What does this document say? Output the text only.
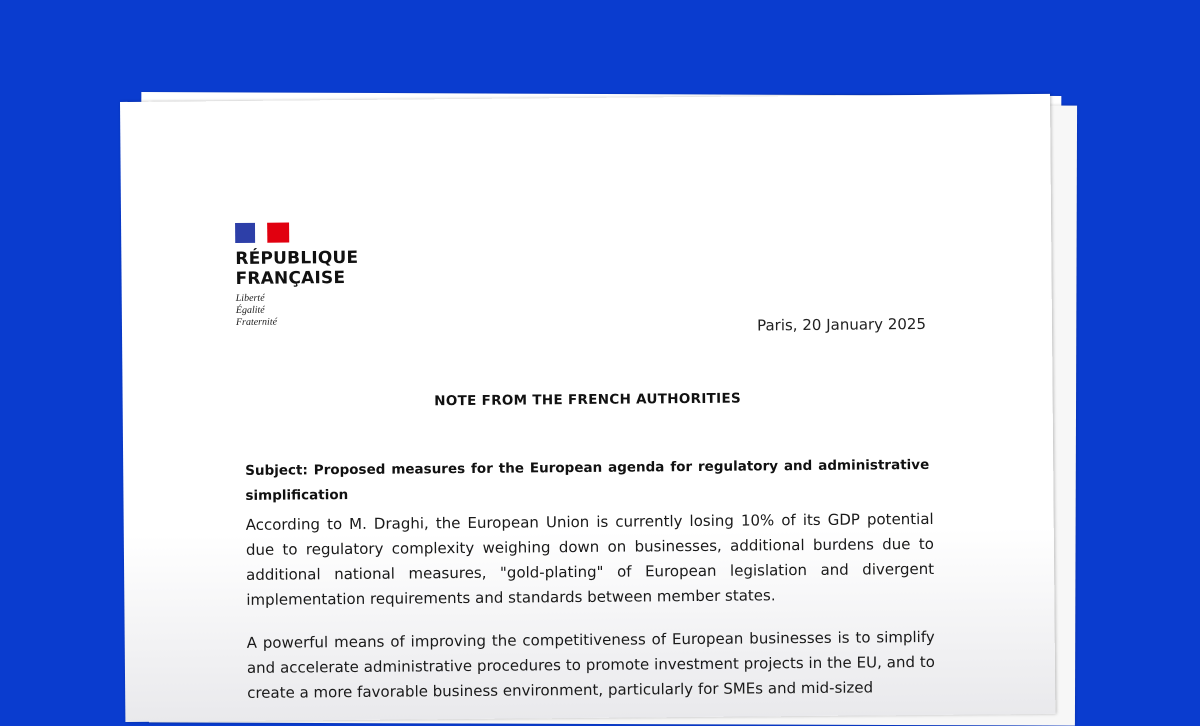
RÉPUBLIQUE
FRANÇAISE
Liberté
Égalité
Fraternité	Paris, 20 January 2025
NOTE FROM THE FRENCH AUTHORITIES
Subject: Proposed measures for the European agenda for regulatory and administrative simplification
According to M. Draghi, the European Union is currently losing 10% of its GDP potential due to regulatory complexity weighing down on businesses, additional burdens due to additional national measures, "gold-plating" of European legislation and divergent implementation requirements and standards between member states.
A powerful means of improving the competitiveness of European businesses is to simplify and accelerate administrative procedures to promote investment projects in the EU, and to create a more favorable business environment, particularly for SMEs and mid-sized
